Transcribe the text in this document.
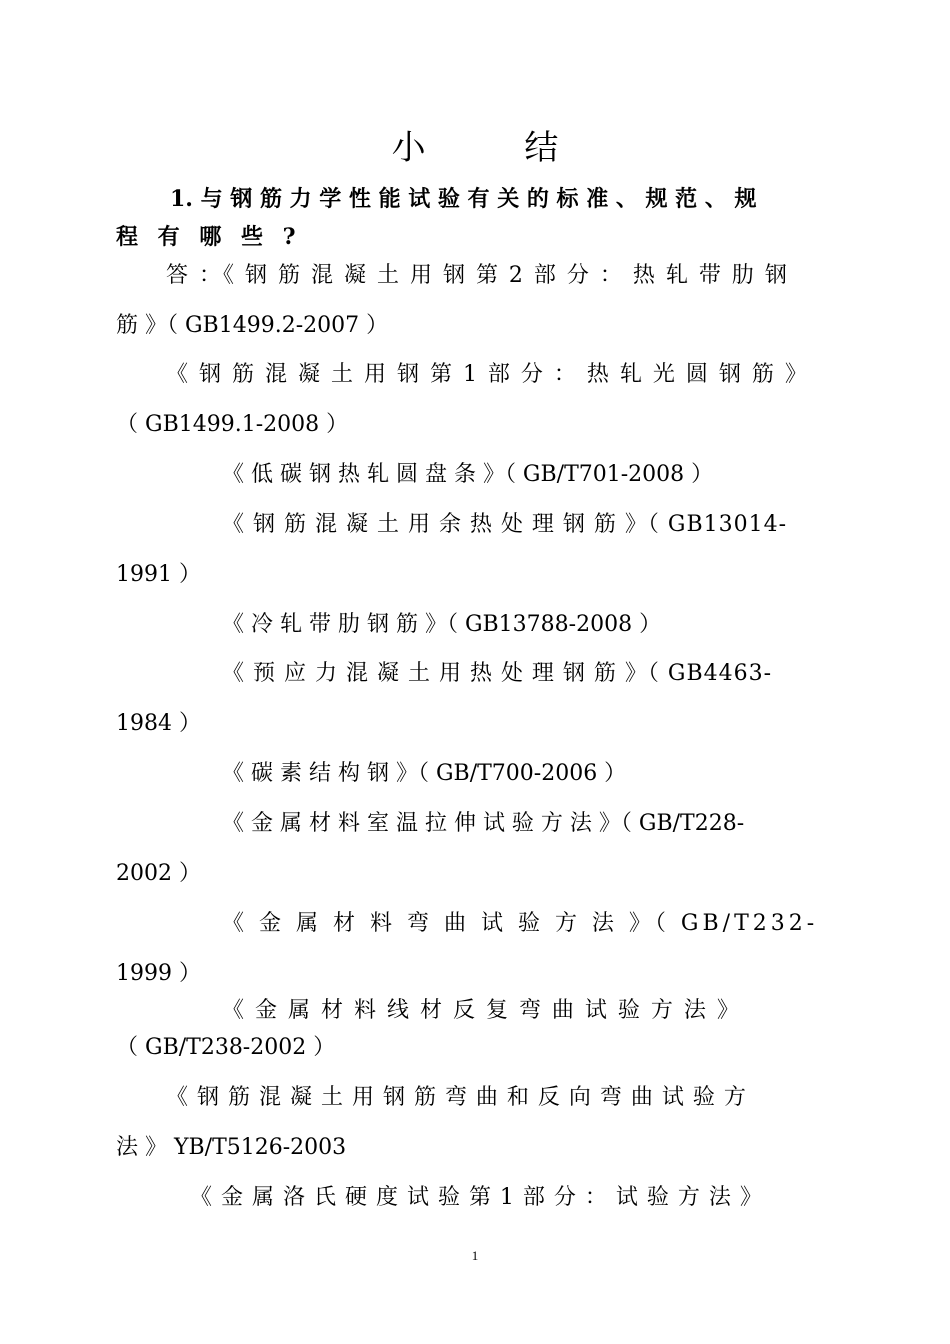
小 结
1. 与 钢 筋 力 学 性 能 试 验 有 关 的 标 准 、 规 范 、 规
程 有 哪 些 ?
答 ：《 钢 筋 混 凝 土 用 钢 第 2 部 分 ： 热 轧 带 肋 钢
筋 》（ GB1499.2-2007 ）
《 钢 筋 混 凝 土 用 钢 第 1 部 分 ： 热 轧 光 圆 钢 筋 》
（ GB1499.1-2008 ）
《 低 碳 钢 热 轧 圆 盘 条 》（ GB/T701-2008 ）
《 钢 筋 混 凝 土 用 余 热 处 理 钢 筋 》（ GB13014-
1991 ）
《 冷 轧 带 肋 钢 筋 》（ GB13788-2008 ）
《 预 应 力 混 凝 土 用 热 处 理 钢 筋 》（ GB4463-
1984 ）
《 碳 素 结 构 钢 》（ GB/T700-2006 ）
《 金 属 材 料 室 温 拉 伸 试 验 方 法 》（ GB/T228-
2002 ）
《 金 属 材 料 弯 曲 试 验 方 法 》（ GB/T232-
1999 ）
《 金 属 材 料 线 材 反 复 弯 曲 试 验 方 法 》
（ GB/T238-2002 ）
《 钢 筋 混 凝 土 用 钢 筋 弯 曲 和 反 向 弯 曲 试 验 方
法 》 YB/T5126-2003
《 金 属 洛 氏 硬 度 试 验 第 1 部 分 ： 试 验 方 法 》
1
